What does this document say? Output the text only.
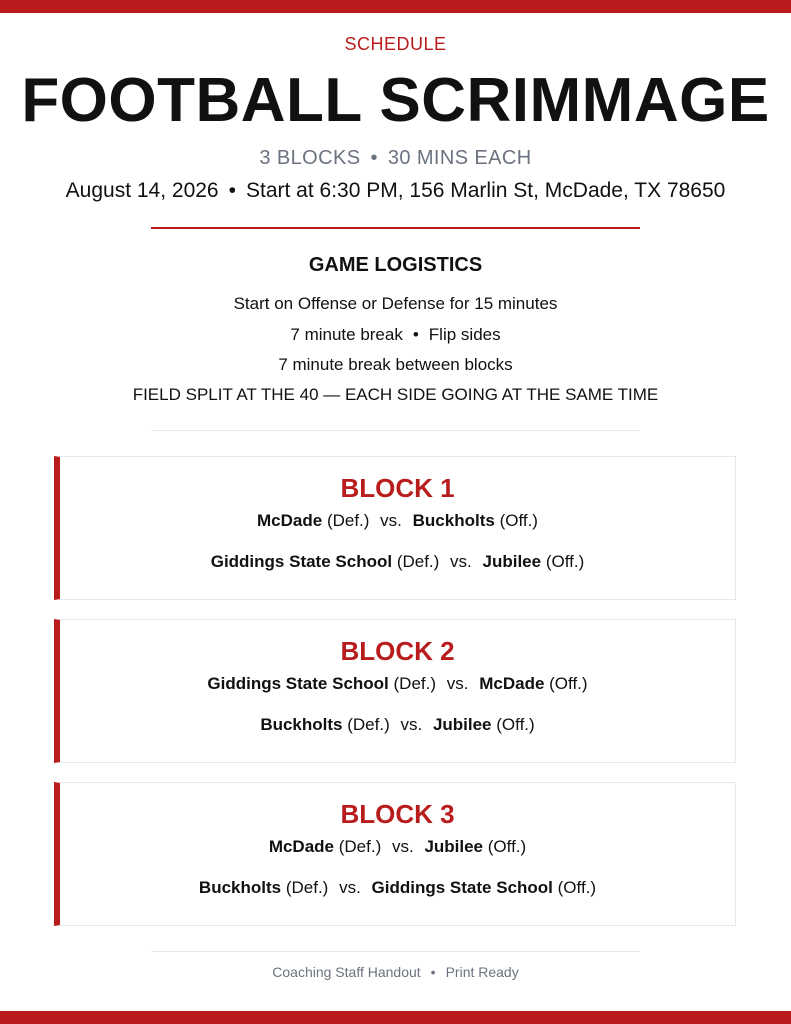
SCHEDULE
FOOTBALL SCRIMMAGE
3 BLOCKS • 30 MINS EACH
August 14, 2026 • Start at 6:30 PM, 156 Marlin St, McDade, TX 78650
GAME LOGISTICS
Start on Offense or Defense for 15 minutes
7 minute break • Flip sides
7 minute break between blocks
FIELD SPLIT AT THE 40 — EACH SIDE GOING AT THE SAME TIME
BLOCK 1
McDade (Def.) vs. Buckholts (Off.)
Giddings State School (Def.) vs. Jubilee (Off.)
BLOCK 2
Giddings State School (Def.) vs. McDade (Off.)
Buckholts (Def.) vs. Jubilee (Off.)
BLOCK 3
McDade (Def.) vs. Jubilee (Off.)
Buckholts (Def.) vs. Giddings State School (Off.)
Coaching Staff Handout • Print Ready
